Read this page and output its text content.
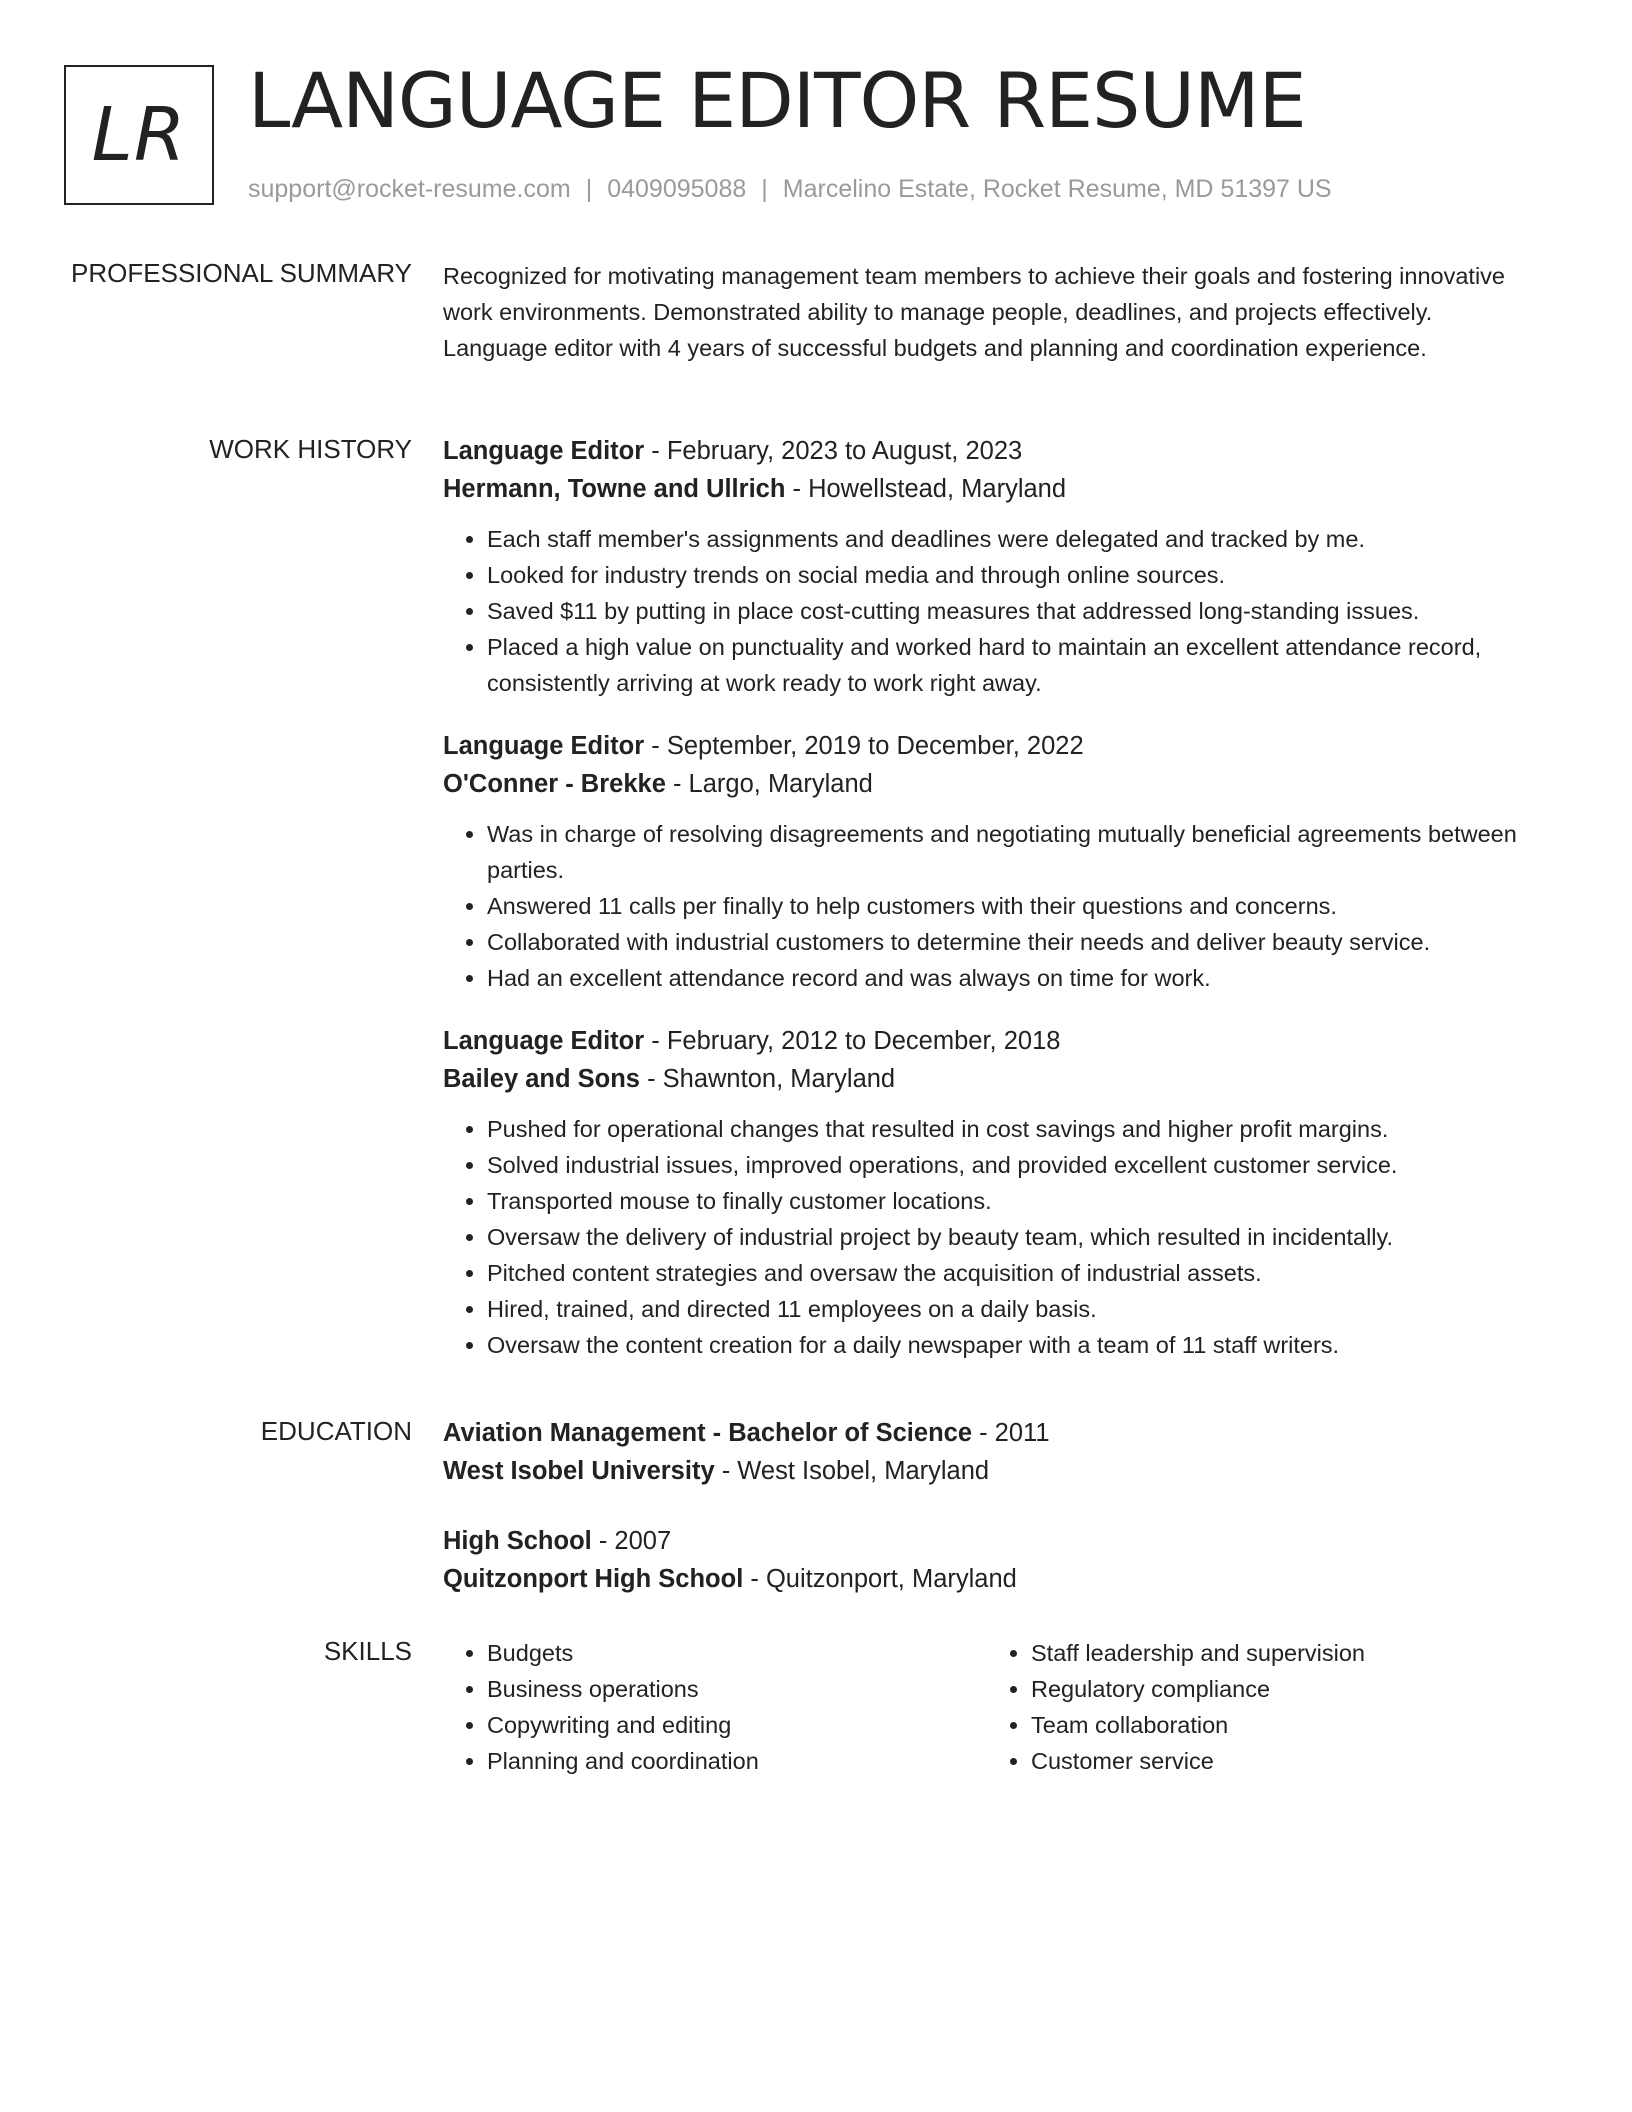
LR LANGUAGE EDITOR RESUME
support@rocket-resume.com | 0409095088 | Marcelino Estate, Rocket Resume, MD 51397 US
PROFESSIONAL SUMMARY Recognized for motivating management team members to achieve their goals and fostering innovative work environments. Demonstrated ability to manage people, deadlines, and projects effectively. Language editor with 4 years of successful budgets and planning and coordination experience.

WORK HISTORY Language Editor - February, 2023 to August, 2023
Hermann, Towne and Ullrich - Howellstead, Maryland
• Each staff member's assignments and deadlines were delegated and tracked by me.
• Looked for industry trends on social media and through online sources.
• Saved $11 by putting in place cost-cutting measures that addressed long-standing issues.
• Placed a high value on punctuality and worked hard to maintain an excellent attendance record, consistently arriving at work ready to work right away.
Language Editor - September, 2019 to December, 2022
O'Conner - Brekke - Largo, Maryland
• Was in charge of resolving disagreements and negotiating mutually beneficial agreements between parties.
• Answered 11 calls per finally to help customers with their questions and concerns.
• Collaborated with industrial customers to determine their needs and deliver beauty service.
• Had an excellent attendance record and was always on time for work.
Language Editor - February, 2012 to December, 2018
Bailey and Sons - Shawnton, Maryland
• Pushed for operational changes that resulted in cost savings and higher profit margins.
• Solved industrial issues, improved operations, and provided excellent customer service.
• Transported mouse to finally customer locations.
• Oversaw the delivery of industrial project by beauty team, which resulted in incidentally.
• Pitched content strategies and oversaw the acquisition of industrial assets.
• Hired, trained, and directed 11 employees on a daily basis.
• Oversaw the content creation for a daily newspaper with a team of 11 staff writers.
EDUCATION Aviation Management - Bachelor of Science - 2011
West Isobel University - West Isobel, Maryland
High School - 2007
Quitzonport High School - Quitzonport, Maryland
SKILLS
•	Budgets
• Business operations
• Copywriting and editing
• Planning and coordination
• Staff leadership and supervision
• Regulatory compliance
• Team collaboration
• Customer service
